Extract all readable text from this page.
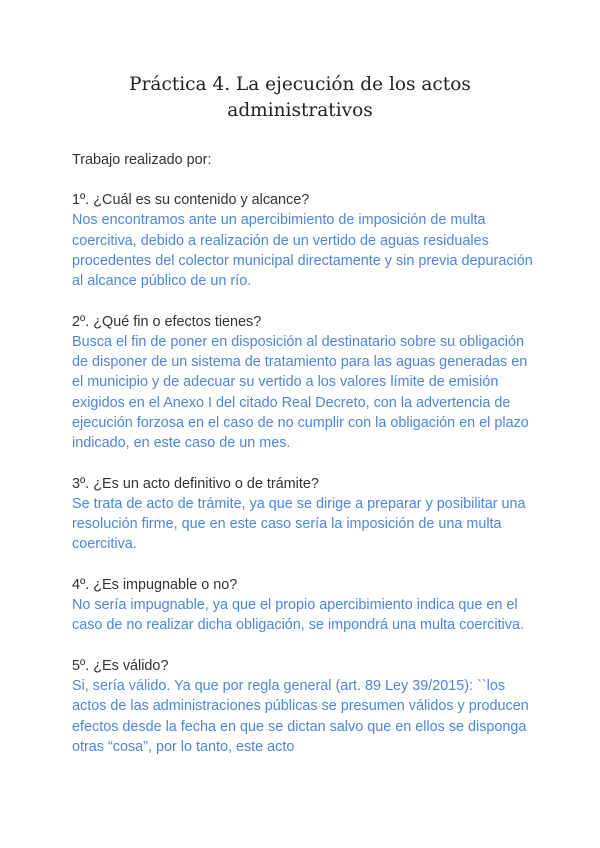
Práctica 4. La ejecución de los actos
administrativos

Trabajo realizado por:

1º. ¿Cuál es su contenido y alcance?

Nos encontramos ante un apercibimiento de imposición de multa coercitiva, debido a realización de un vertido de aguas residuales procedentes del colector municipal directamente y sin previa depuración al alcance público de un río.

2º. ¿Qué fin o efectos tienes?

Busca el fin de poner en disposición al destinatario sobre su obligación de disponer de un sistema de tratamiento para las aguas generadas en el municipio y de adecuar su vertido a los valores límite de emisión exigidos en el Anexo I del citado Real Decreto, con la advertencia de ejecución forzosa en el caso de no cumplir con la obligación en el plazo indicado, en este caso de un mes.

3º. ¿Es un acto definitivo o de trámite?

Se trata de acto de trámite, ya que se dirige a preparar y posibilitar una resolución firme, que en este caso sería la imposición de una multa coercitiva.

4º. ¿Es impugnable o no?

No sería impugnable, ya que el propio apercibimiento indica que en el caso de no realizar dicha obligación, se impondrá una multa coercitiva.

5º. ¿Es válido?

Si, sería válido. Ya que por regla general (art. 89 Ley 39/2015): ``los actos de las administraciones públicas se presumen válidos y producen efectos desde la fecha en que se dictan salvo que en ellos se disponga otras “cosa”, por lo tanto, este acto
